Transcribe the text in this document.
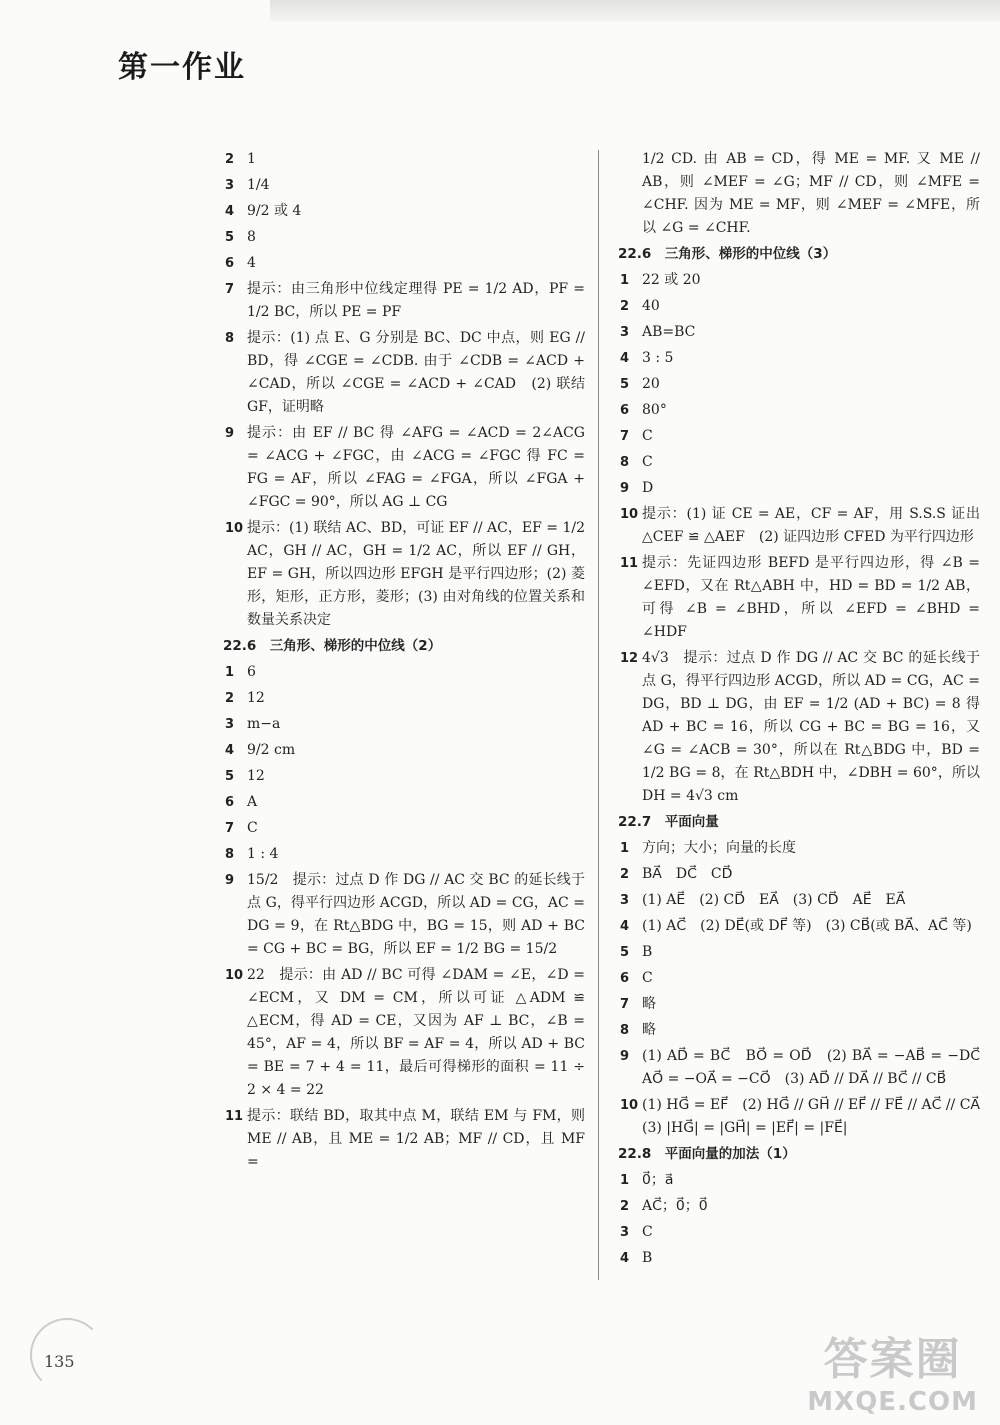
第一作业
2 1
3 1/4
4 9/2 或 4
5 8
6 4
7 提示：由三角形中位线定理得 PE = 1/2 AD，PF = 1/2 BC，所以 PE = PF
8 提示：(1) 点 E、G 分别是 BC、DC 中点，则 EG // BD，得 ∠CGE = ∠CDB. 由于 ∠CDB = ∠ACD + ∠CAD，所以 ∠CGE = ∠ACD + ∠CAD　(2) 联结 GF，证明略
9 提示：由 EF // BC 得 ∠AFG = ∠ACD = 2∠ACG = ∠ACG + ∠FGC，由 ∠ACG = ∠FGC 得 FC = FG = AF，所以 ∠FAG = ∠FGA，所以 ∠FGA + ∠FGC = 90°，所以 AG ⊥ CG
10 提示：(1) 联结 AC、BD，可证 EF // AC，EF = 1/2 AC，GH // AC，GH = 1/2 AC，所以 EF // GH，EF = GH，所以四边形 EFGH 是平行四边形；(2) 菱形，矩形，正方形，菱形；(3) 由对角线的位置关系和数量关系决定
22.6　三角形、梯形的中位线（2）
1 6
2 12
3 m−a
4 9/2 cm
5 12
6 A
7 C
8 1 : 4
9 15/2　提示：过点 D 作 DG // AC 交 BC 的延长线于点 G，得平行四边形 ACGD，所以 AD = CG，AC = DG = 9，在 Rt△BDG 中，BG = 15，则 AD + BC = CG + BC = BG，所以 EF = 1/2 BG = 15/2
10 22　提示：由 AD // BC 可得 ∠DAM = ∠E，∠D = ∠ECM，又 DM = CM，所以可证 △ADM ≌ △ECM，得 AD = CE，又因为 AF ⊥ BC，∠B = 45°，AF = 4，所以 BF = AF = 4，所以 AD + BC = BE = 7 + 4 = 11，最后可得梯形的面积 = 11 ÷ 2 × 4 = 22
11 提示：联结 BD，取其中点 M，联结 EM 与 FM，则 ME // AB，且 ME = 1/2 AB；MF // CD，且 MF =
1/2 CD. 由 AB = CD，得 ME = MF. 又 ME // AB，则 ∠MEF = ∠G；MF // CD，则 ∠MFE = ∠CHF. 因为 ME = MF，则 ∠MEF = ∠MFE，所以 ∠G = ∠CHF.
22.6　三角形、梯形的中位线（3）
1 22 或 20
2 40
3 AB=BC
4 3 : 5
5 20
6 80°
7 C
8 C
9 D
10 提示：(1) 证 CE = AE，CF = AF，用 S.S.S 证出 △CEF ≌ △AEF　(2) 证四边形 CFED 为平行四边形
11 提示：先证四边形 BEFD 是平行四边形，得 ∠B = ∠EFD，又在 Rt△ABH 中，HD = BD = 1/2 AB，可得 ∠B = ∠BHD，所以 ∠EFD = ∠BHD = ∠HDF
12 4√3　提示：过点 D 作 DG // AC 交 BC 的延长线于点 G，得平行四边形 ACGD，所以 AD = CG，AC = DG，BD ⊥ DG，由 EF = 1/2 (AD + BC) = 8 得 AD + BC = 16，所以 CG + BC = BG = 16，又 ∠G = ∠ACB = 30°，所以在 Rt△BDG 中，BD = 1/2 BG = 8，在 Rt△BDH 中，∠DBH = 60°，所以 DH = 4√3 cm
22.7　平面向量
1 方向；大小；向量的长度
2 BA⃗　DC⃗　CD⃗
3 (1) AE⃗　(2) CD⃗　EA⃗　(3) CD⃗　AE⃗　EA⃗
4 (1) AC⃗　(2) DE⃗(或 DF⃗ 等)　(3) CB⃗(或 BA⃗、AC⃗ 等)
5 B
6 C
7 略
8 略
9 (1) AD⃗ = BC⃗　BO⃗ = OD⃗　(2) BA⃗ = −AB⃗ = −DC⃗　AO⃗ = −OA⃗ = −CO⃗　(3) AD⃗ // DA⃗ // BC⃗ // CB⃗
10 (1) HG⃗ = EF⃗　(2) HG⃗ // GH⃗ // EF⃗ // FE⃗ // AC⃗ // CA⃗　(3) |HG⃗| = |GH⃗| = |EF⃗| = |FE⃗|
22.8　平面向量的加法（1）
1 0⃗；a⃗
2 AC⃗；0⃗；0⃗
3 C
4 B
135	答案圈
MXQE.COM
